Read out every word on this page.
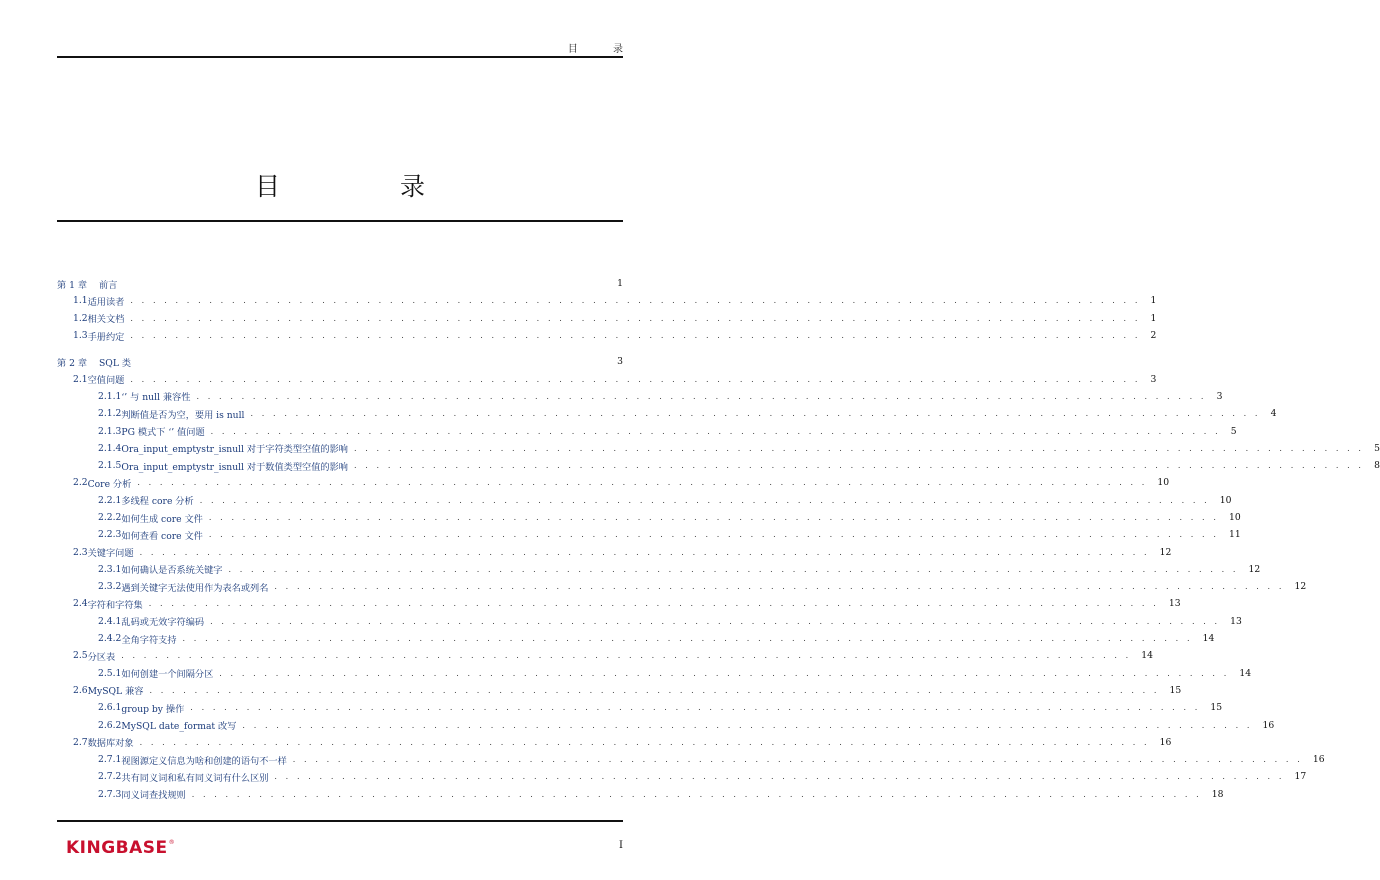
目 录
目 录
第 1 章	前言	1
1.1 适用读者 . . . . . . . . . . . . . . . . . . . . . . . . . . . . . . . . . . . . . . . . . . . . . . . . . . . . . . . . . . . . . . . . . . . . . . . . . . . . . . . . . . . . . . . . . . 1
1.2 相关文档 . . . . . . . . . . . . . . . . . . . . . . . . . . . . . . . . . . . . . . . . . . . . . . . . . . . . . . . . . . . . . . . . . . . . . . . . . . . . . . . . . . . . . . . . . . 1
1.3 手册约定 . . . . . . . . . . . . . . . . . . . . . . . . . . . . . . . . . . . . . . . . . . . . . . . . . . . . . . . . . . . . . . . . . . . . . . . . . . . . . . . . . . . . . . . . . . 2
第 2 章	SQL 类	3
2.1 空值问题 . . . . . . . . . . . . . . . . . . . . . . . . . . . . . . . . . . . . . . . . . . . . . . . . . . . . . . . . . . . . . . . . . . . . . . . . . . . . . . . . . . . . . . . . . . 3
2.1.1 ‘’ 与 null 兼容性 . . . . . . . . . . . . . . . . . . . . . . . . . . . . . . . . . . . . . . . . . . . . . . . . . . . . . . . . . . . . . . . . . . . . . . . . . . . . . . . . . . . . . . . . . . 3
2.1.2 判断值是否为空，要用 is null . . . . . . . . . . . . . . . . . . . . . . . . . . . . . . . . . . . . . . . . . . . . . . . . . . . . . . . . . . . . . . . . . . . . . . . . . . . . . . . . . . . . . . . . . . 4
2.1.3 PG 模式下 ‘’ 值问题 . . . . . . . . . . . . . . . . . . . . . . . . . . . . . . . . . . . . . . . . . . . . . . . . . . . . . . . . . . . . . . . . . . . . . . . . . . . . . . . . . . . . . . . . . . 5
2.1.4 Ora_input_emptystr_isnull 对于字符类型空值的影响 . . . . . . . . . . . . . . . . . . . . . . . . . . . . . . . . . . . . . . . . . . . . . . . . . . . . . . . . . . . . . . . . . . . . . . . . . . . . . . . . . . . . . . . . . . 5
2.1.5 Ora_input_emptystr_isnull 对于数值类型空值的影响 . . . . . . . . . . . . . . . . . . . . . . . . . . . . . . . . . . . . . . . . . . . . . . . . . . . . . . . . . . . . . . . . . . . . . . . . . . . . . . . . . . . . . . . . . . 8
2.2 Core 分析 . . . . . . . . . . . . . . . . . . . . . . . . . . . . . . . . . . . . . . . . . . . . . . . . . . . . . . . . . . . . . . . . . . . . . . . . . . . . . . . . . . . . . . . . . . 10
2.2.1 多线程 core 分析 . . . . . . . . . . . . . . . . . . . . . . . . . . . . . . . . . . . . . . . . . . . . . . . . . . . . . . . . . . . . . . . . . . . . . . . . . . . . . . . . . . . . . . . . . . 10
2.2.2 如何生成 core 文件 . . . . . . . . . . . . . . . . . . . . . . . . . . . . . . . . . . . . . . . . . . . . . . . . . . . . . . . . . . . . . . . . . . . . . . . . . . . . . . . . . . . . . . . . . . 10
2.2.3 如何查看 core 文件 . . . . . . . . . . . . . . . . . . . . . . . . . . . . . . . . . . . . . . . . . . . . . . . . . . . . . . . . . . . . . . . . . . . . . . . . . . . . . . . . . . . . . . . . . . 11
2.3 关键字问题 . . . . . . . . . . . . . . . . . . . . . . . . . . . . . . . . . . . . . . . . . . . . . . . . . . . . . . . . . . . . . . . . . . . . . . . . . . . . . . . . . . . . . . . . . . 12
2.3.1 如何确认是否系统关键字 . . . . . . . . . . . . . . . . . . . . . . . . . . . . . . . . . . . . . . . . . . . . . . . . . . . . . . . . . . . . . . . . . . . . . . . . . . . . . . . . . . . . . . . . . . 12
2.3.2 遇到关键字无法使用作为表名或列名 . . . . . . . . . . . . . . . . . . . . . . . . . . . . . . . . . . . . . . . . . . . . . . . . . . . . . . . . . . . . . . . . . . . . . . . . . . . . . . . . . . . . . . . . . . 12
2.4 字符和字符集 . . . . . . . . . . . . . . . . . . . . . . . . . . . . . . . . . . . . . . . . . . . . . . . . . . . . . . . . . . . . . . . . . . . . . . . . . . . . . . . . . . . . . . . . . . 13
2.4.1 乱码或无效字符编码 . . . . . . . . . . . . . . . . . . . . . . . . . . . . . . . . . . . . . . . . . . . . . . . . . . . . . . . . . . . . . . . . . . . . . . . . . . . . . . . . . . . . . . . . . . 13
2.4.2 全角字符支持 . . . . . . . . . . . . . . . . . . . . . . . . . . . . . . . . . . . . . . . . . . . . . . . . . . . . . . . . . . . . . . . . . . . . . . . . . . . . . . . . . . . . . . . . . . 14
2.5 分区表 . . . . . . . . . . . . . . . . . . . . . . . . . . . . . . . . . . . . . . . . . . . . . . . . . . . . . . . . . . . . . . . . . . . . . . . . . . . . . . . . . . . . . . . . . . 14
2.5.1 如何创建一个间隔分区 . . . . . . . . . . . . . . . . . . . . . . . . . . . . . . . . . . . . . . . . . . . . . . . . . . . . . . . . . . . . . . . . . . . . . . . . . . . . . . . . . . . . . . . . . . 14
2.6 MySQL 兼容 . . . . . . . . . . . . . . . . . . . . . . . . . . . . . . . . . . . . . . . . . . . . . . . . . . . . . . . . . . . . . . . . . . . . . . . . . . . . . . . . . . . . . . . . . . 15
2.6.1 group by 操作 . . . . . . . . . . . . . . . . . . . . . . . . . . . . . . . . . . . . . . . . . . . . . . . . . . . . . . . . . . . . . . . . . . . . . . . . . . . . . . . . . . . . . . . . . . 15
2.6.2 MySQL date_format 改写 . . . . . . . . . . . . . . . . . . . . . . . . . . . . . . . . . . . . . . . . . . . . . . . . . . . . . . . . . . . . . . . . . . . . . . . . . . . . . . . . . . . . . . . . . . 16
2.7 数据库对象 . . . . . . . . . . . . . . . . . . . . . . . . . . . . . . . . . . . . . . . . . . . . . . . . . . . . . . . . . . . . . . . . . . . . . . . . . . . . . . . . . . . . . . . . . . 16
2.7.1 视图源定义信息为啥和创建的语句不一样 . . . . . . . . . . . . . . . . . . . . . . . . . . . . . . . . . . . . . . . . . . . . . . . . . . . . . . . . . . . . . . . . . . . . . . . . . . . . . . . . . . . . . . . . . . 16
2.7.2 共有同义词和私有同义词有什么区别 . . . . . . . . . . . . . . . . . . . . . . . . . . . . . . . . . . . . . . . . . . . . . . . . . . . . . . . . . . . . . . . . . . . . . . . . . . . . . . . . . . . . . . . . . . 17
2.7.3 同义词查找规则 . . . . . . . . . . . . . . . . . . . . . . . . . . . . . . . . . . . . . . . . . . . . . . . . . . . . . . . . . . . . . . . . . . . . . . . . . . . . . . . . . . . . . . . . . . 18
KINGBASE®	I
